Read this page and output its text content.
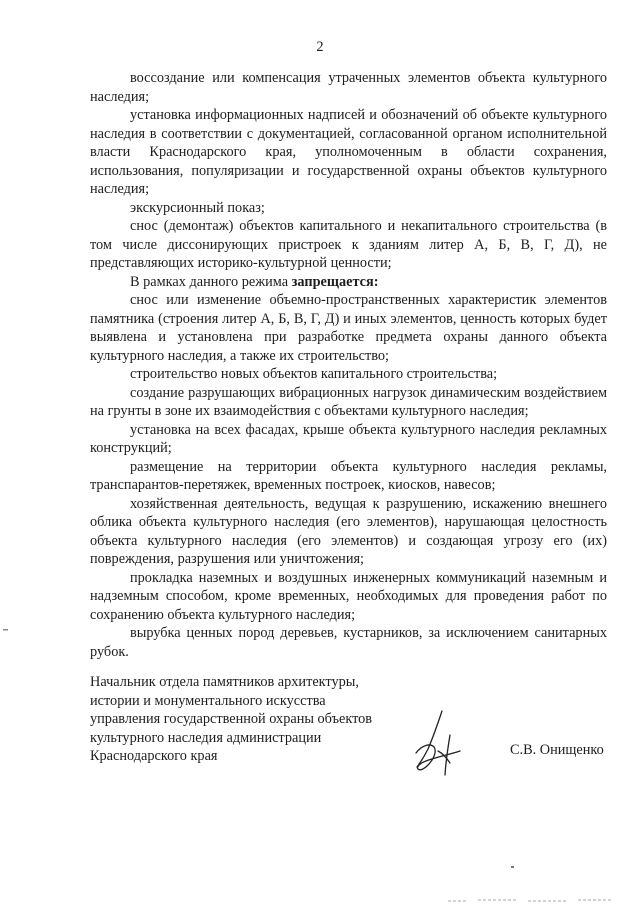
2

воссоздание или компенсация утраченных элементов объекта культурного наследия;

установка информационных надписей и обозначений об объекте культурного наследия в соответствии с документацией, согласованной органом исполнительной власти Краснодарского края, уполномоченным в области сохранения, использования, популяризации и государственной охраны объектов культурного наследия;

экскурсионный показ;

снос (демонтаж) объектов капитального и некапитального строительства (в том числе диссонирующих пристроек к зданиям литер А, Б, В, Г, Д), не представляющих историко-культурной ценности;

В рамках данного режима запрещается:

снос или изменение объемно-пространственных характеристик элементов памятника (строения литер А, Б, В, Г, Д) и иных элементов, ценность которых будет выявлена и установлена при разработке предмета охраны данного объекта культурного наследия, а также их строительство;

строительство новых объектов капитального строительства;

создание разрушающих вибрационных нагрузок динамическим воздействием на грунты в зоне их взаимодействия с объектами культурного наследия;

установка на всех фасадах, крыше объекта культурного наследия рекламных конструкций;

размещение на территории объекта культурного наследия рекламы, транспарантов-перетяжек, временных построек, киосков, навесов;

хозяйственная деятельность, ведущая к разрушению, искажению внешнего облика объекта культурного наследия (его элементов), нарушающая целостность объекта культурного наследия (его элементов) и создающая угрозу его (их) повреждения, разрушения или уничтожения;

прокладка наземных и воздушных инженерных коммуникаций наземным и надземным способом, кроме временных, необходимых для проведения работ по сохранению объекта культурного наследия;

вырубка ценных пород деревьев, кустарников, за исключением санитарных рубок.

Начальник отдела памятников архитектуры,
истории и монументального искусства
управления государственной охраны объектов
культурного наследия администрации
Краснодарского края	С.В. Онищенко
